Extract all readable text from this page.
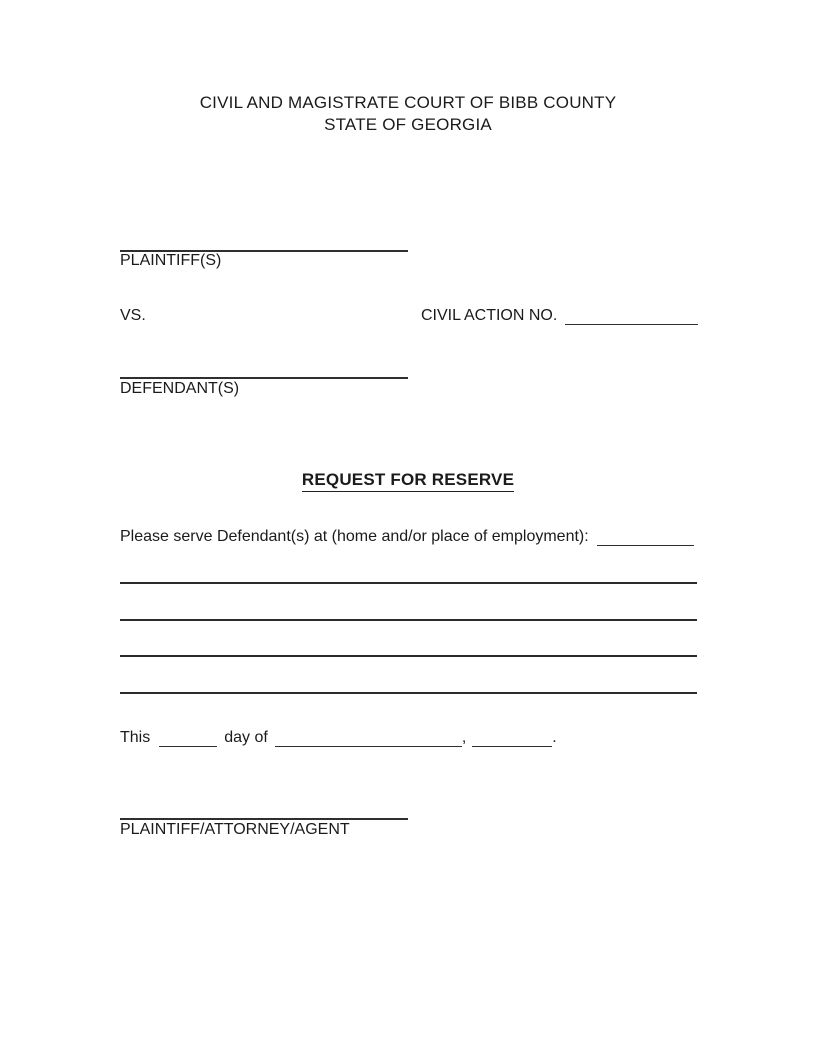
CIVIL AND MAGISTRATE COURT OF BIBB COUNTY
STATE OF GEORGIA
PLAINTIFF(S)
VS.	CIVIL ACTION NO.
DEFENDANT(S)
REQUEST FOR RESERVE
Please serve Defendant(s) at (home and/or place of employment):
This	day of	,	.
PLAINTIFF/ATTORNEY/AGENT
